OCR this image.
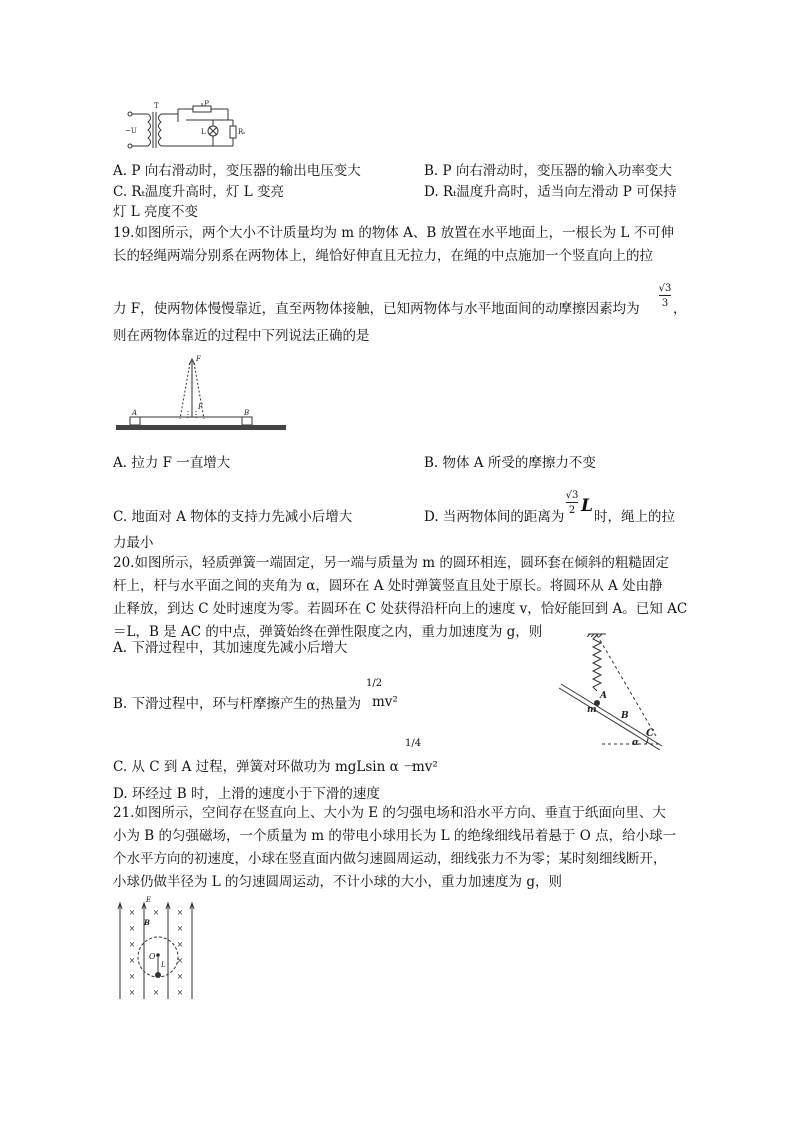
T	P
L	Rₜ
~U
A. P 向右滑动时，变压器的输出电压变大	B. P 向右滑动时，变压器的输入功率变大
C. Rₜ温度升高时，灯 L 变亮	D. Rₜ温度升高时，适当向左滑动 P 可保持
灯 L 亮度不变
19.如图所示，两个大小不计质量均为 m 的物体 A、B 放置在水平地面上，一根长为 L 不可伸
长的轻绳两端分别系在两物体上，绳恰好伸直且无拉力，在绳的中点施加一个竖直向上的拉
力 F，使两物体慢慢靠近，直至两物体接触，已知两物体与水平地面间的动摩擦因素均为
√3
3 ，
则在两物体靠近的过程中下列说法正确的是
F
F
A	B
A. 拉力 F 一直增大	B. 物体 A 所受的摩擦力不变
C. 地面对 A 物体的支持力先减小后增大	D. 当两物体间的距离为
√3
2 L
时，绳上的拉
力最小
20.如图所示，轻质弹簧一端固定，另一端与质量为 m 的圆环相连，圆环套在倾斜的粗糙固定
杆上，杆与水平面之间的夹角为 α，圆环在 A 处时弹簧竖直且处于原长。将圆环从 A 处由静
止释放，到达 C 处时速度为零。若圆环在 C 处获得沿杆向上的速度 v，恰好能回到 A。已知 AC
＝L，B 是 AC 的中点，弹簧始终在弹性限度之内，重力加速度为 g，则
A. 下滑过程中，其加速度先减小后增大
B. 下滑过程中，环与杆摩擦产生的热量为
1/2
mv²
C. 从 C 到 A 过程，弹簧对环做功为 mgLsin α －
1/4
mv²
D. 环经过 B 时，上滑的速度小于下滑的速度
A
m
B
C
α
21.如图所示，空间存在竖直向上、大小为 E 的匀强电场和沿水平方向、垂直于纸面向里、大
小为 B 的匀强磁场，一个质量为 m 的带电小球用长为 L 的绝缘细线吊着悬于 O 点，给小球一
个水平方向的初速度，小球在竖直面内做匀速圆周运动，细线张力不为零；某时刻细线断开，
小球仍做半径为 L 的匀速圆周运动，不计小球的大小，重力加速度为 g，则
× × ×
×	×
×	×
×	×
×	×
× × ×
E
B
O
L
